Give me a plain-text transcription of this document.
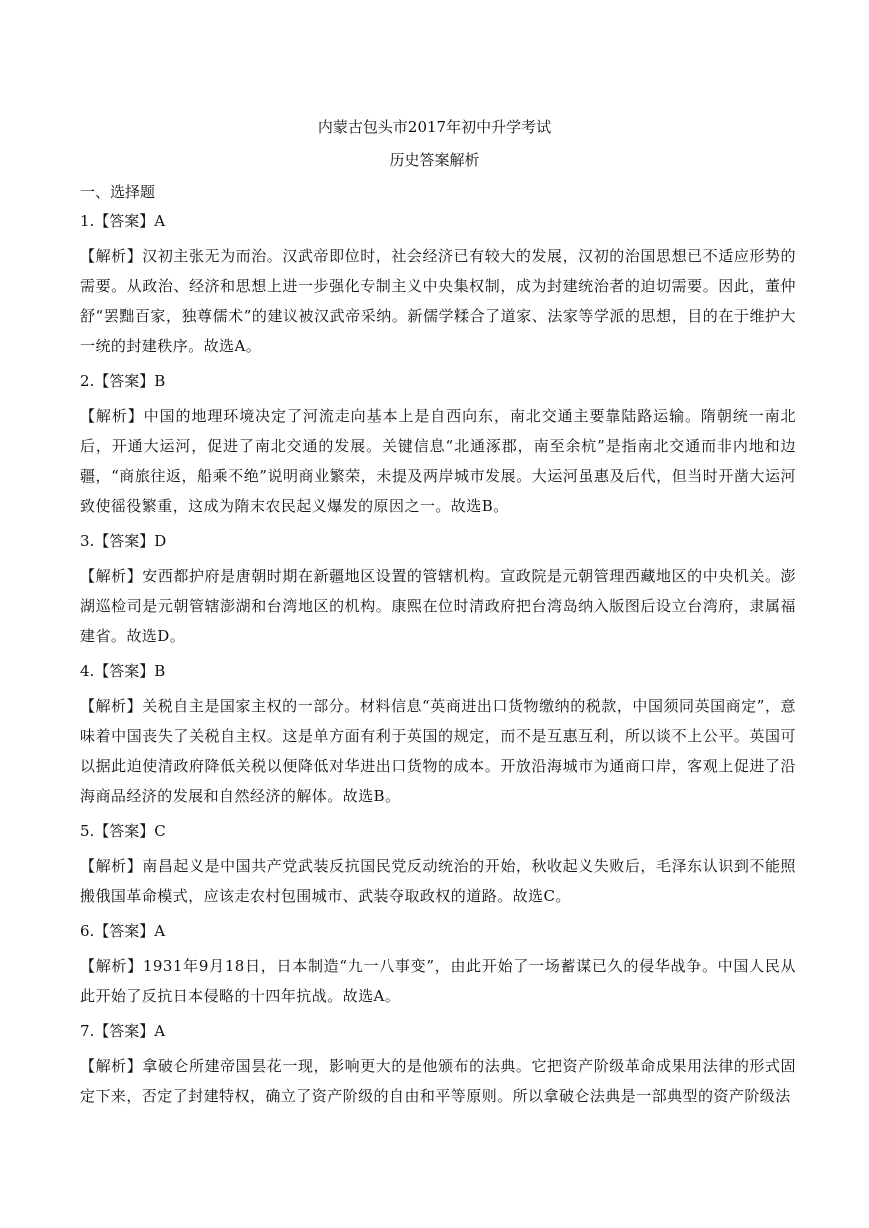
内蒙古包头市2017年初中升学考试
历史答案解析
一、选择题
1.【答案】A
【解析】汉初主张无为而治。汉武帝即位时，社会经济已有较大的发展，汉初的治国思想已不适应形势的需要。从政治、经济和思想上进一步强化专制主义中央集权制，成为封建统治者的迫切需要。因此，董仲舒“罢黜百家，独尊儒术”的建议被汉武帝采纳。新儒学糅合了道家、法家等学派的思想，目的在于维护大一统的封建秩序。故选A。
2.【答案】B
【解析】中国的地理环境决定了河流走向基本上是自西向东，南北交通主要靠陆路运输。隋朝统一南北后，开通大运河，促进了南北交通的发展。关键信息“北通涿郡，南至余杭”是指南北交通而非内地和边疆，“商旅往返，船乘不绝”说明商业繁荣，未提及两岸城市发展。大运河虽惠及后代，但当时开凿大运河致使徭役繁重，这成为隋末农民起义爆发的原因之一。故选B。
3.【答案】D
【解析】安西都护府是唐朝时期在新疆地区设置的管辖机构。宣政院是元朝管理西藏地区的中央机关。澎湖巡检司是元朝管辖澎湖和台湾地区的机构。康熙在位时清政府把台湾岛纳入版图后设立台湾府，隶属福建省。故选D。
4.【答案】B
【解析】关税自主是国家主权的一部分。材料信息“英商进出口货物缴纳的税款，中国须同英国商定”，意味着中国丧失了关税自主权。这是单方面有利于英国的规定，而不是互惠互利，所以谈不上公平。英国可以据此迫使清政府降低关税以便降低对华进出口货物的成本。开放沿海城市为通商口岸，客观上促进了沿海商品经济的发展和自然经济的解体。故选B。
5.【答案】C
【解析】南昌起义是中国共产党武装反抗国民党反动统治的开始，秋收起义失败后，毛泽东认识到不能照搬俄国革命模式，应该走农村包围城市、武装夺取政权的道路。故选C。
6.【答案】A
【解析】1931年9月18日，日本制造“九一八事变”，由此开始了一场蓄谋已久的侵华战争。中国人民从此开始了反抗日本侵略的十四年抗战。故选A。
7.【答案】A
【解析】拿破仑所建帝国昙花一现，影响更大的是他颁布的法典。它把资产阶级革命成果用法律的形式固定下来，否定了封建特权，确立了资产阶级的自由和平等原则。所以拿破仑法典是一部典型的资产阶级法
